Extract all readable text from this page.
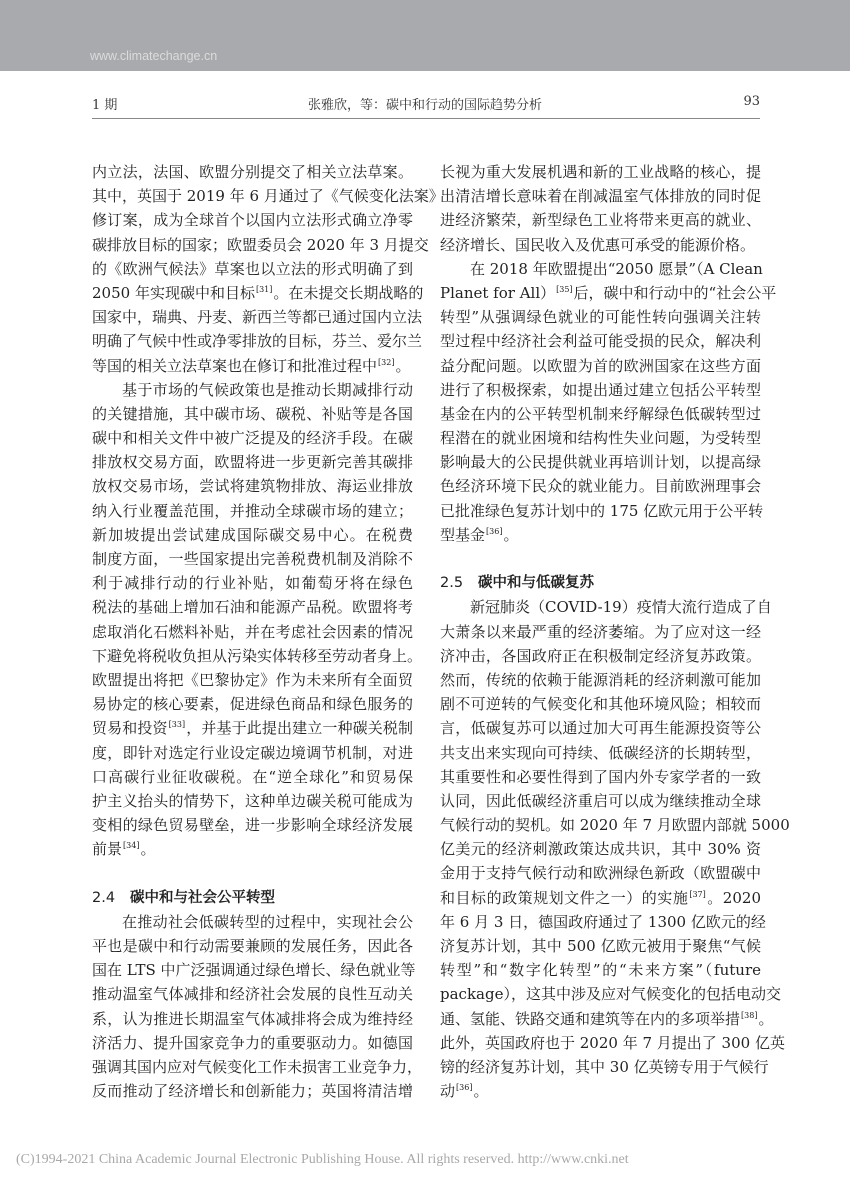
www.climatechange.cn
1 期	张雅欣，等：碳中和行动的国际趋势分析	93
内立法，法国、欧盟分别提交了相关立法草案。
其中，英国于 2019 年 6 月通过了《气候变化法案》
修订案，成为全球首个以国内立法形式确立净零
碳排放目标的国家；欧盟委员会 2020 年 3 月提交
的《欧洲气候法》草案也以立法的形式明确了到
2050 年实现碳中和目标[31]。在未提交长期战略的
国家中，瑞典、丹麦、新西兰等都已通过国内立法
明确了气候中性或净零排放的目标，芬兰、爱尔兰
等国的相关立法草案也在修订和批准过程中[32]。
基于市场的气候政策也是推动长期减排行动
的关键措施，其中碳市场、碳税、补贴等是各国
碳中和相关文件中被广泛提及的经济手段。在碳
排放权交易方面，欧盟将进一步更新完善其碳排
放权交易市场，尝试将建筑物排放、海运业排放
纳入行业覆盖范围，并推动全球碳市场的建立；
新加坡提出尝试建成国际碳交易中心。在税费
制度方面，一些国家提出完善税费机制及消除不
利于减排行动的行业补贴，如葡萄牙将在绿色
税法的基础上增加石油和能源产品税。欧盟将考
虑取消化石燃料补贴，并在考虑社会因素的情况
下避免将税收负担从污染实体转移至劳动者身上。
欧盟提出将把《巴黎协定》作为未来所有全面贸
易协定的核心要素，促进绿色商品和绿色服务的
贸易和投资[33]，并基于此提出建立一种碳关税制
度，即针对选定行业设定碳边境调节机制，对进
口高碳行业征收碳税。在“逆全球化”和贸易保
护主义抬头的情势下，这种单边碳关税可能成为
变相的绿色贸易壁垒，进一步影响全球经济发展
前景[34]。
2.4 碳中和与社会公平转型
在推动社会低碳转型的过程中，实现社会公
平也是碳中和行动需要兼顾的发展任务，因此各
国在 LTS 中广泛强调通过绿色增长、绿色就业等
推动温室气体减排和经济社会发展的良性互动关
系，认为推进长期温室气体减排将会成为维持经
济活力、提升国家竞争力的重要驱动力。如德国
强调其国内应对气候变化工作未损害工业竞争力，
反而推动了经济增长和创新能力；英国将清洁增
长视为重大发展机遇和新的工业战略的核心，提
出清洁增长意味着在削减温室气体排放的同时促
进经济繁荣，新型绿色工业将带来更高的就业、
经济增长、国民收入及优惠可承受的能源价格。
在 2018 年欧盟提出“2050 愿景”（A Clean
Planet for All）[35]后，碳中和行动中的“社会公平
转型”从强调绿色就业的可能性转向强调关注转
型过程中经济社会利益可能受损的民众，解决利
益分配问题。以欧盟为首的欧洲国家在这些方面
进行了积极探索，如提出通过建立包括公平转型
基金在内的公平转型机制来纾解绿色低碳转型过
程潜在的就业困境和结构性失业问题，为受转型
影响最大的公民提供就业再培训计划，以提高绿
色经济环境下民众的就业能力。目前欧洲理事会
已批准绿色复苏计划中的 175 亿欧元用于公平转
型基金[36]。
2.5 碳中和与低碳复苏
新冠肺炎（COVID-19）疫情大流行造成了自
大萧条以来最严重的经济萎缩。为了应对这一经
济冲击，各国政府正在积极制定经济复苏政策。
然而，传统的依赖于能源消耗的经济刺激可能加
剧不可逆转的气候变化和其他环境风险；相较而
言，低碳复苏可以通过加大可再生能源投资等公
共支出来实现向可持续、低碳经济的长期转型，
其重要性和必要性得到了国内外专家学者的一致
认同，因此低碳经济重启可以成为继续推动全球
气候行动的契机。如 2020 年 7 月欧盟内部就 5000
亿美元的经济刺激政策达成共识，其中 30% 资
金用于支持气候行动和欧洲绿色新政（欧盟碳中
和目标的政策规划文件之一）的实施[37]。2020
年 6 月 3 日，德国政府通过了 1300 亿欧元的经
济复苏计划，其中 500 亿欧元被用于聚焦“气候
转型”和“数字化转型”的“未来方案”（future
package），这其中涉及应对气候变化的包括电动交
通、氢能、铁路交通和建筑等在内的多项举措[38]。
此外，英国政府也于 2020 年 7 月提出了 300 亿英
镑的经济复苏计划，其中 30 亿英镑专用于气候行
动[36]。
(C)1994-2021 China Academic Journal Electronic Publishing House. All rights reserved. http://www.cnki.net
